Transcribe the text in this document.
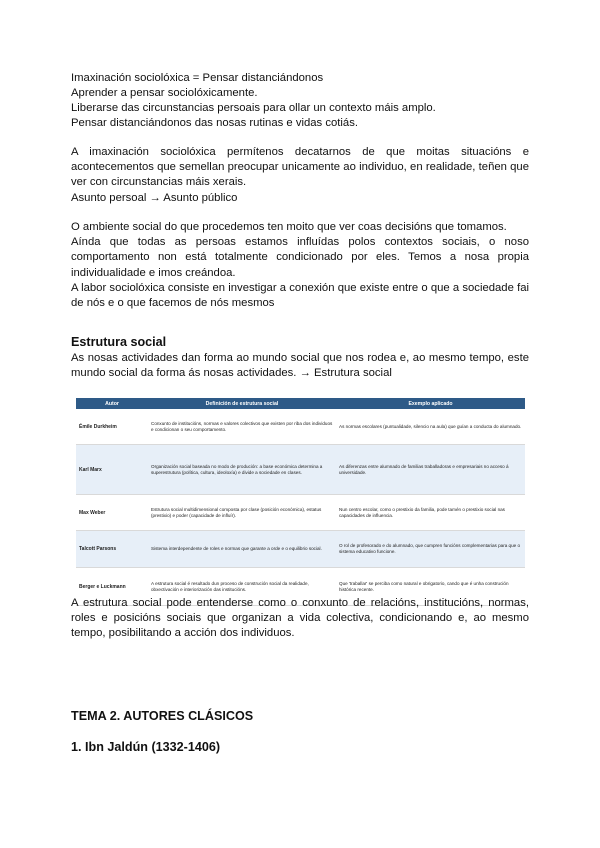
Imaxinación sociolóxica = Pensar distanciándonos
Aprender a pensar sociolóxicamente.
Liberarse das circunstancias persoais para ollar un contexto máis amplo.
Pensar distanciándonos das nosas rutinas e vidas cotiás.

A imaxinación sociolóxica permítenos decatarnos de que moitas situacións e acontecementos que semellan preocupar unicamente ao individuo, en realidade, teñen que ver con circunstancias máis xerais.

Asunto persoal → Asunto público

O ambiente social do que procedemos ten moito que ver coas decisións que tomamos.

Aínda que todas as persoas estamos influídas polos contextos sociais, o noso comportamento non está totalmente condicionado por eles. Temos a nosa propia individualidade e imos creándoa.

A labor sociolóxica consiste en investigar a conexión que existe entre o que a sociedade fai de nós e o que facemos de nós mesmos

Estrutura social
As nosas actividades dan forma ao mundo social que nos rodea e, ao mesmo tempo, este mundo social da forma ás nosas actividades. → Estrutura social
Autor	Definición de estrutura social	Exemplo aplicado
Émile Durkheim	Conxunto de institucións, normas e valores colectivos que existen por riba dos individuos e condicionan o seu comportamento.	As normas escolares (puntualidade, silencio na aula) que guían a conducta do alumnado.
Karl Marx	Organización social baseada no modo de produción: a base económica determina a superestrutura (política, cultura, ideoloxía) e divide a sociedade en clases.	As diferenzas entre alumnado de familias traballadoras e empresariais no acceso á universidade.
Max Weber	Estrutura social multidimensional composta por clase (posición económica), estatus (prestixio) e poder (capacidade de influír).	Nun centro escolar, como o prestixio da familia, pode tamén o prestixio social nas capacidades de influencia.
Talcott Parsons	Sistema interdependente de roles e normas que garante a orde e o equilibrio social.	O rol de profesorado e do alumnado, que cumpren funcións complementarias para que o sistema educativo funcione.
Berger e Luckmann	A estrutura social é resultado dun proceso de construción social da realidade, obxectivación e interiorización das institucións.	Que 'traballar' se perciba como natural e obrigatorio, cando que é unha construción histórica recente.
A estrutura social pode entenderse como o conxunto de relacións, institucións, normas, roles e posicións sociais que organizan a vida colectiva, condicionando e, ao mesmo tempo, posibilitando a acción dos individuos.
TEMA 2. AUTORES CLÁSICOS
1. Ibn Jaldún (1332-1406)
